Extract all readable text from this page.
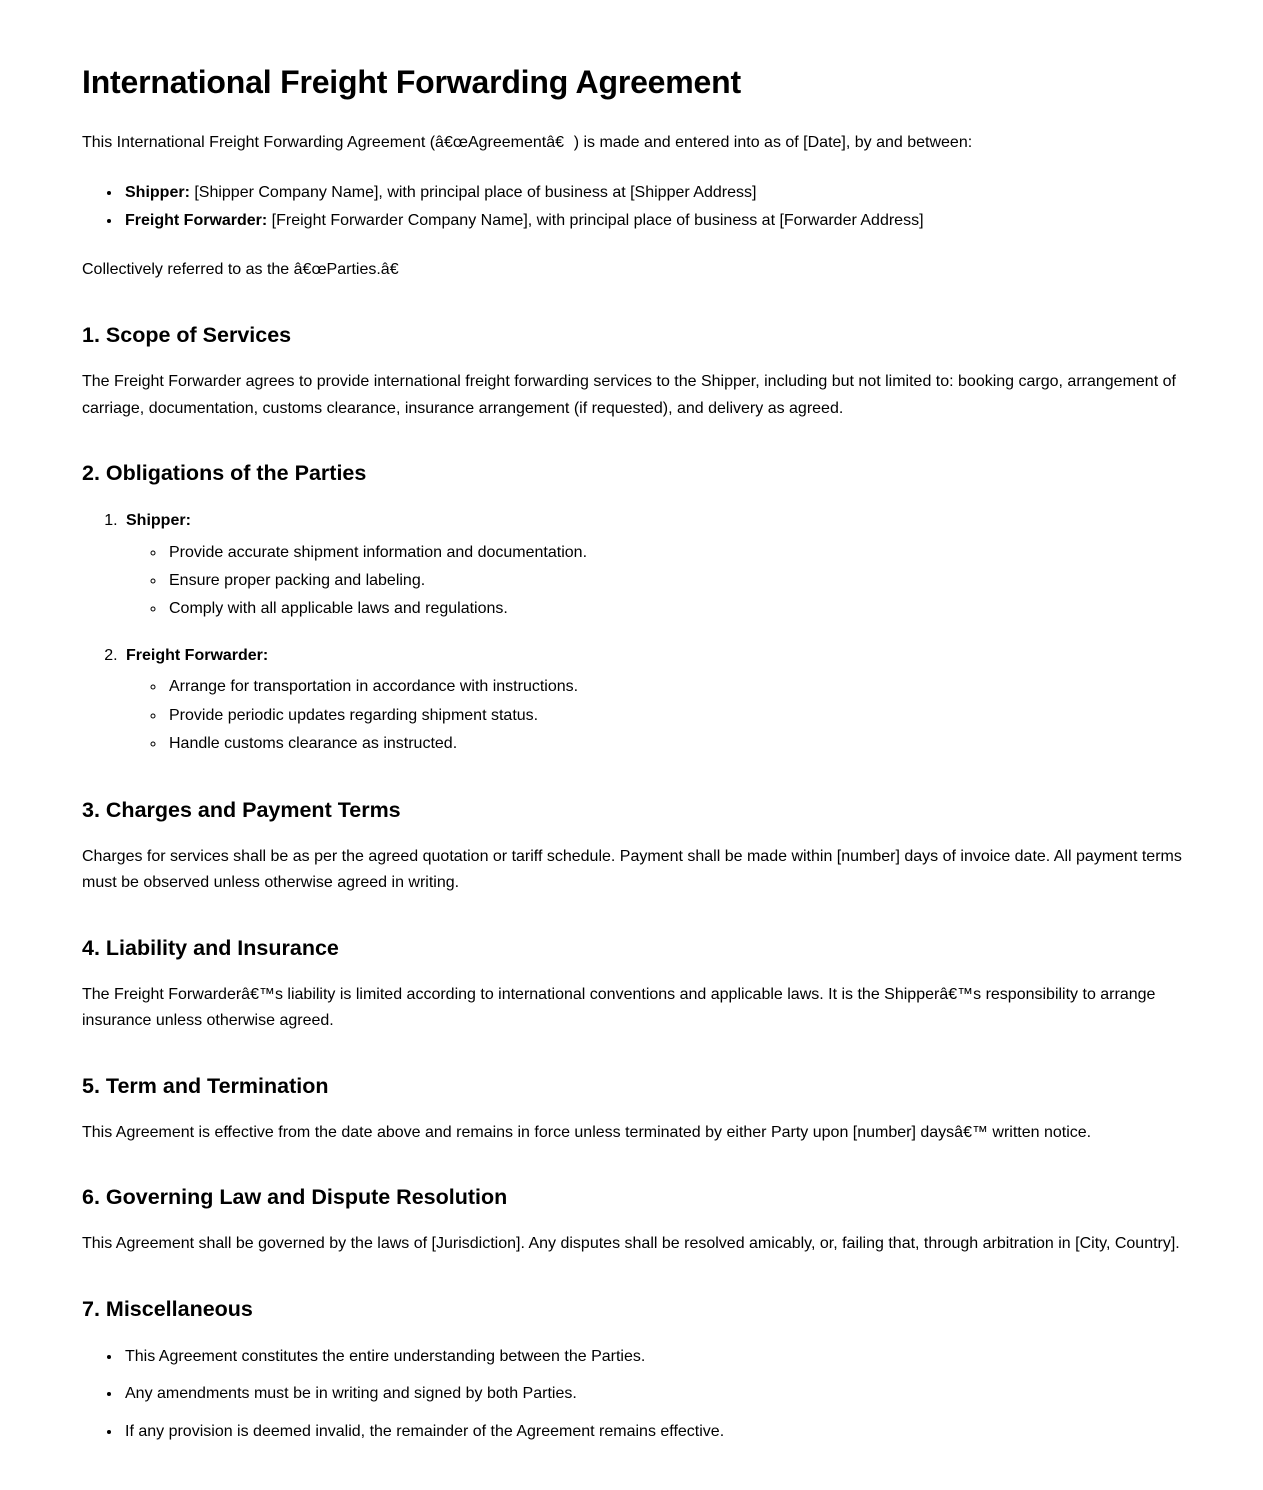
International Freight Forwarding Agreement

This International Freight Forwarding Agreement (â€œAgreementâ€) is made and entered into as of [Date], by and between:

• Shipper: [Shipper Company Name], with principal place of business at [Shipper Address]
• Freight Forwarder: [Freight Forwarder Company Name], with principal place of business at [Forwarder Address]

Collectively referred to as the â€œParties.â€

1. Scope of Services

The Freight Forwarder agrees to provide international freight forwarding services to the Shipper, including but not limited to: booking cargo, arrangement of carriage, documentation, customs clearance, insurance arrangement (if requested), and delivery as agreed.

2. Obligations of the Parties
1. Shipper:
◦ Provide accurate shipment information and documentation.
◦ Ensure proper packing and labeling.
◦ Comply with all applicable laws and regulations.
2. Freight Forwarder:
◦ Arrange for transportation in accordance with instructions.
◦ Provide periodic updates regarding shipment status.
◦ Handle customs clearance as instructed.
3. Charges and Payment Terms

Charges for services shall be as per the agreed quotation or tariff schedule. Payment shall be made within [number] days of invoice date. All payment terms must be observed unless otherwise agreed in writing.

4. Liability and Insurance

The Freight Forwarderâ€™s liability is limited according to international conventions and applicable laws. It is the Shipperâ€™s responsibility to arrange insurance unless otherwise agreed.

5. Term and Termination

This Agreement is effective from the date above and remains in force unless terminated by either Party upon [number] daysâ€™ written notice.

6. Governing Law and Dispute Resolution

This Agreement shall be governed by the laws of [Jurisdiction]. Any disputes shall be resolved amicably, or, failing that, through arbitration in [City, Country].

7. Miscellaneous
• This Agreement constitutes the entire understanding between the Parties.
• Any amendments must be in writing and signed by both Parties.
• If any provision is deemed invalid, the remainder of the Agreement remains effective.
